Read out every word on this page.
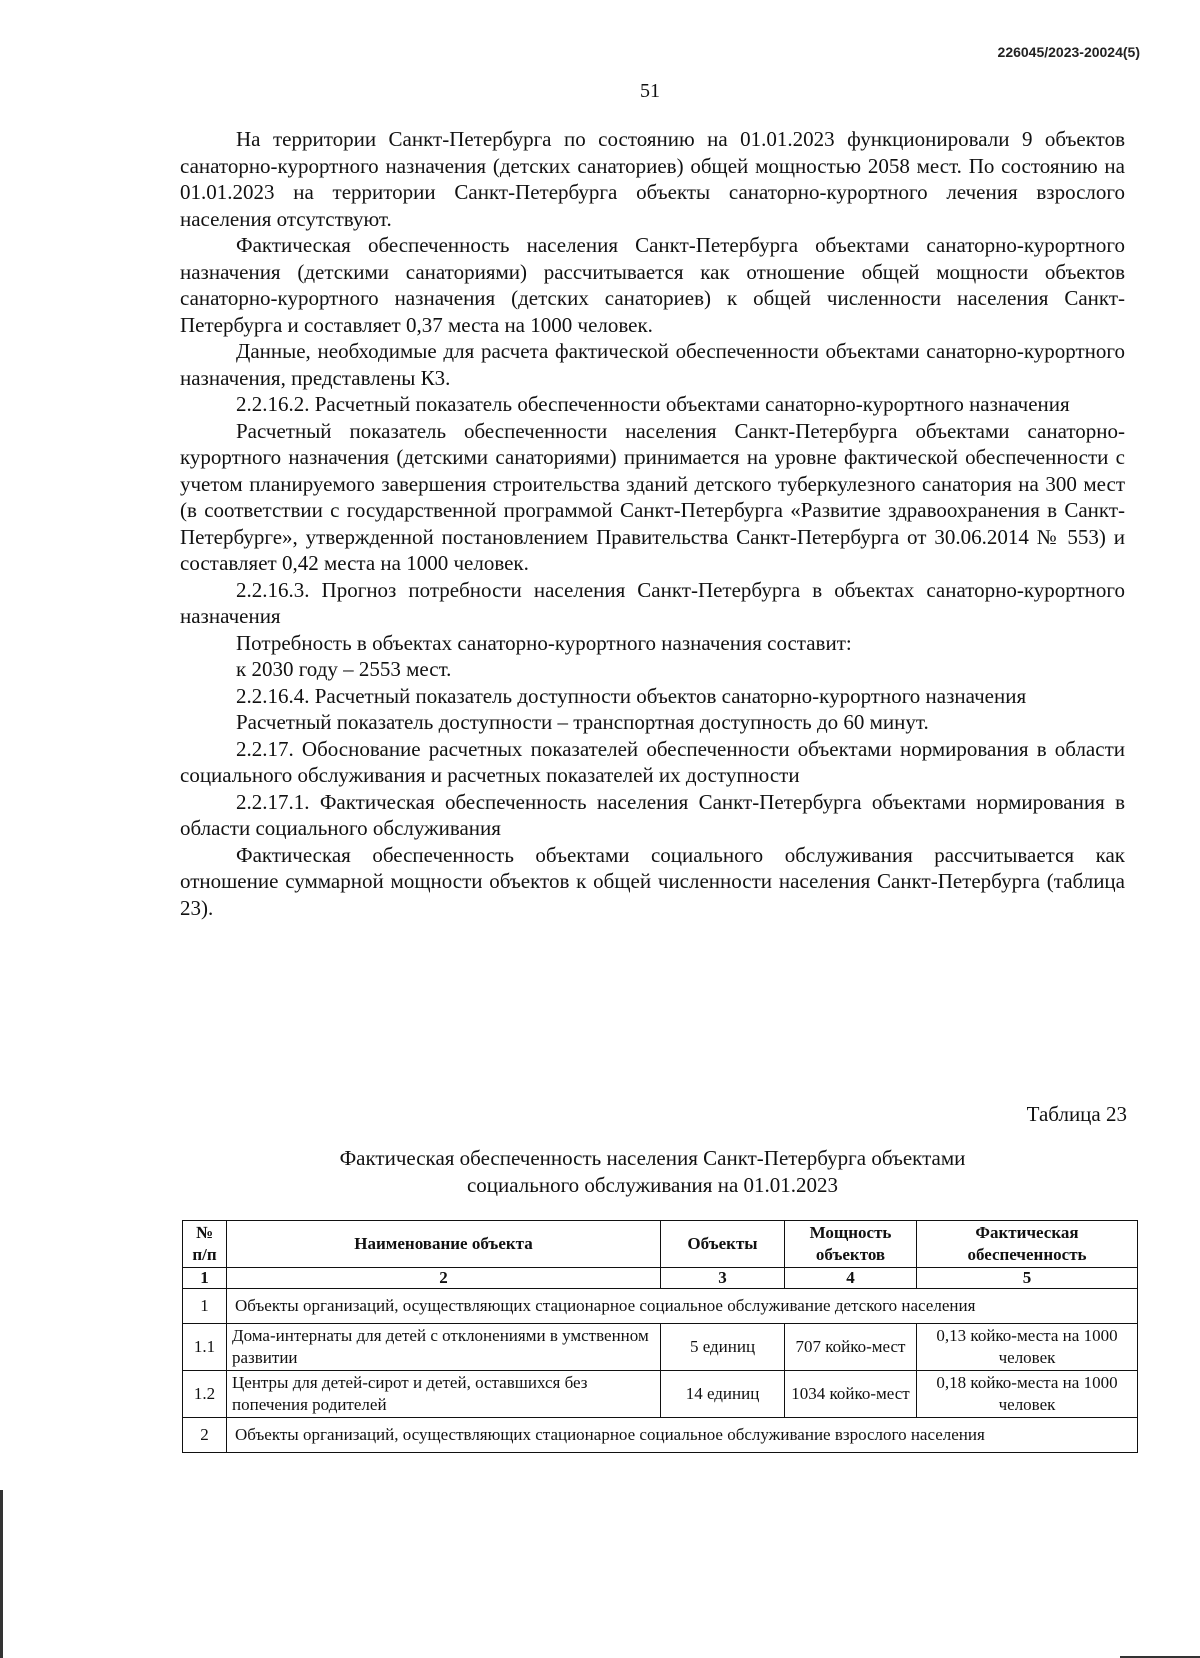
226045/2023-20024(5)
51

На территории Санкт-Петербурга по состоянию на 01.01.2023 функционировали 9 объектов санаторно-курортного назначения (детских санаториев) общей мощностью 2058 мест. По состоянию на 01.01.2023 на территории Санкт-Петербурга объекты санаторно-курортного лечения взрослого населения отсутствуют.

Фактическая обеспеченность населения Санкт-Петербурга объектами санаторно-курортного назначения (детскими санаториями) рассчитывается как отношение общей мощности объектов санаторно-курортного назначения (детских санаториев) к общей численности населения Санкт-Петербурга и составляет 0,37 места на 1000 человек.

Данные, необходимые для расчета фактической обеспеченности объектами санаторно-курортного назначения, представлены К3.

2.2.16.2. Расчетный показатель обеспеченности объектами санаторно-курортного назначения

Расчетный показатель обеспеченности населения Санкт-Петербурга объектами санаторно-курортного назначения (детскими санаториями) принимается на уровне фактической обеспеченности с учетом планируемого завершения строительства зданий детского туберкулезного санатория на 300 мест (в соответствии с государственной программой Санкт-Петербурга «Развитие здравоохранения в Санкт-Петербурге», утвержденной постановлением Правительства Санкт-Петербурга от 30.06.2014 № 553) и составляет 0,42 места на 1000 человек.

2.2.16.3. Прогноз потребности населения Санкт-Петербурга в объектах санаторно-курортного назначения

Потребность в объектах санаторно-курортного назначения составит:

к 2030 году – 2553 мест.

2.2.16.4. Расчетный показатель доступности объектов санаторно-курортного назначения

Расчетный показатель доступности – транспортная доступность до 60 минут.

2.2.17. Обоснование расчетных показателей обеспеченности объектами нормирования в области социального обслуживания и расчетных показателей их доступности

2.2.17.1. Фактическая обеспеченность населения Санкт-Петербурга объектами нормирования в области социального обслуживания

Фактическая обеспеченность объектами социального обслуживания рассчитывается как отношение суммарной мощности объектов к общей численности населения Санкт-Петербурга (таблица 23).

Таблица 23
Фактическая обеспеченность населения Санкт-Петербурга объектами
социального обслуживания на 01.01.2023
№ п/п	Наименование объекта	Объекты	Мощность объектов	Фактическая обеспеченность
1	2	3	4	5
1	Объекты организаций, осуществляющих стационарное социальное обслуживание детского населения			
1.1	Дома-интернаты для детей с отклонениями в умственном развитии	5 единиц	707 койко-мест	0,13 койко-места на 1000 человек
1.2	Центры для детей-сирот и детей, оставшихся без попечения родителей	14 единиц	1034 койко-мест	0,18 койко-места на 1000 человек
2	Объекты организаций, осуществляющих стационарное социальное обслуживание взрослого населения			
